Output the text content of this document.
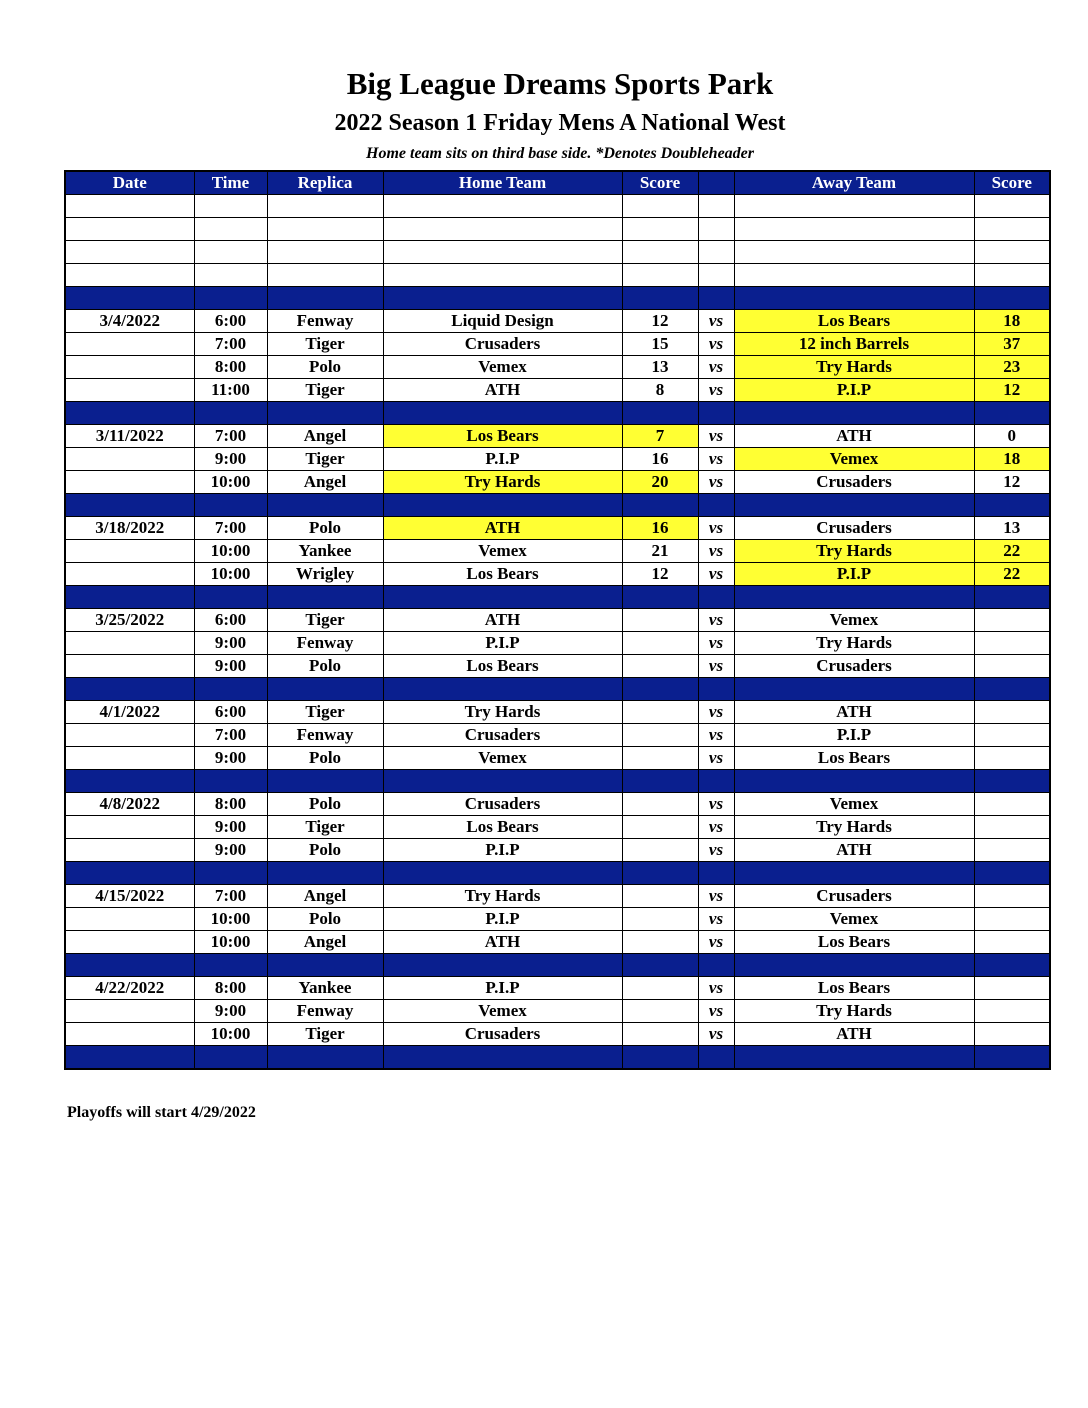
Big League Dreams Sports Park
2022 Season 1 Friday Mens A National West
Home team sits on third base side. *Denotes Doubleheader
Date	Time	Replica	Home Team	Score		Away Team	Score

3/4/2022	6:00	Fenway	Liquid Design	12	vs	Los Bears	18
	7:00	Tiger	Crusaders	15	vs	12 inch Barrels	37
	8:00	Polo	Vemex	13	vs	Try Hards	23
	11:00	Tiger	ATH	8	vs	P.I.P	12

3/11/2022	7:00	Angel	Los Bears	7	vs	ATH	0
	9:00	Tiger	P.I.P	16	vs	Vemex	18
	10:00	Angel	Try Hards	20	vs	Crusaders	12

3/18/2022	7:00	Polo	ATH	16	vs	Crusaders	13
	10:00	Yankee	Vemex	21	vs	Try Hards	22
	10:00	Wrigley	Los Bears	12	vs	P.I.P	22

3/25/2022	6:00	Tiger	ATH		vs	Vemex	
	9:00	Fenway	P.I.P		vs	Try Hards	
	9:00	Polo	Los Bears		vs	Crusaders	

4/1/2022	6:00	Tiger	Try Hards		vs	ATH	
	7:00	Fenway	Crusaders		vs	P.I.P	
	9:00	Polo	Vemex		vs	Los Bears	

4/8/2022	8:00	Polo	Crusaders		vs	Vemex	
	9:00	Tiger	Los Bears		vs	Try Hards	
	9:00	Polo	P.I.P		vs	ATH	

4/15/2022	7:00	Angel	Try Hards		vs	Crusaders	
	10:00	Polo	P.I.P		vs	Vemex	
	10:00	Angel	ATH		vs	Los Bears	

4/22/2022	8:00	Yankee	P.I.P		vs	Los Bears	
	9:00	Fenway	Vemex		vs	Try Hards	
	10:00	Tiger	Crusaders		vs	ATH	

Playoffs will start 4/29/2022
